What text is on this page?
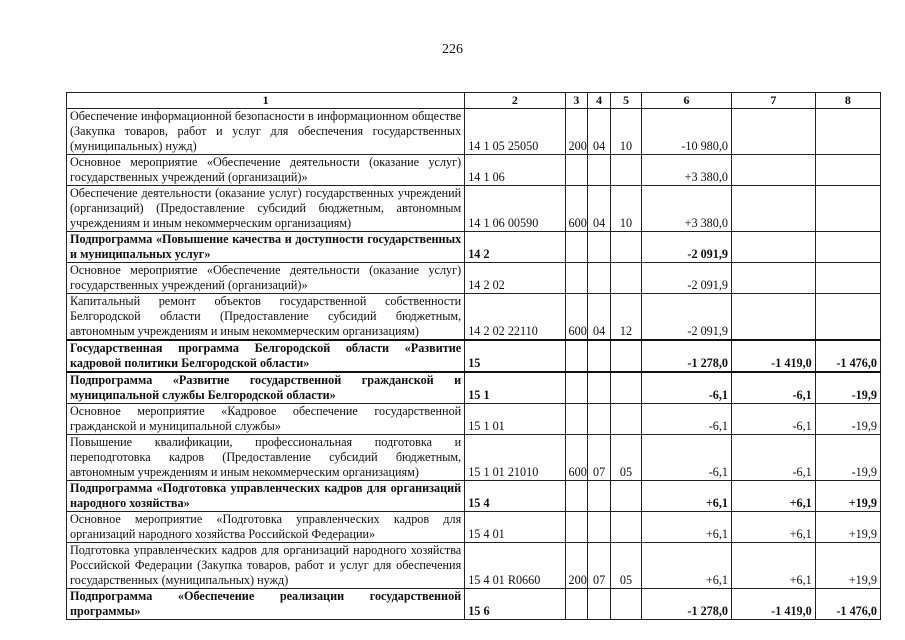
226
1	2	3	4	5	6	7	8
Обеспечение информационной безопасности в информационном обществе (Закупка товаров, работ и услуг для обеспечения государственных (муниципальных) нужд)	14 1 05 25050	200	04	10	-10 980,0		
Основное мероприятие «Обеспечение деятельности (оказание услуг) государственных учреждений (организаций)»	14 1 06				+3 380,0		
Обеспечение деятельности (оказание услуг) государственных учреждений (организаций) (Предоставление субсидий бюджетным, автономным учреждениям и иным некоммерческим организациям)	14 1 06 00590	600	04	10	+3 380,0		
Подпрограмма «Повышение качества и доступности государственных и муниципальных услуг»	14 2				-2 091,9		
Основное мероприятие «Обеспечение деятельности (оказание услуг) государственных учреждений (организаций)»	14 2 02				-2 091,9		
Капитальный ремонт объектов государственной собственности Белгородской области (Предоставление субсидий бюджетным, автономным учреждениям и иным некоммерческим организациям)	14 2 02 22110	600	04	12	-2 091,9		
Государственная программа Белгородской области «Развитие кадровой политики Белгородской области»	15				-1 278,0	-1 419,0	-1 476,0
Подпрограмма «Развитие государственной гражданской и муниципальной службы Белгородской области»	15 1				-6,1	-6,1	-19,9
Основное мероприятие «Кадровое обеспечение государственной гражданской и муниципальной службы»	15 1 01				-6,1	-6,1	-19,9
Повышение квалификации, профессиональная подготовка и переподготовка кадров (Предоставление субсидий бюджетным, автономным учреждениям и иным некоммерческим организациям)	15 1 01 21010	600	07	05	-6,1	-6,1	-19,9
Подпрограмма «Подготовка управленческих кадров для организаций народного хозяйства»	15 4				+6,1	+6,1	+19,9
Основное мероприятие «Подготовка управленческих кадров для организаций народного хозяйства Российской Федерации»	15 4 01				+6,1	+6,1	+19,9
Подготовка управленческих кадров для организаций народного хозяйства Российской Федерации (Закупка товаров, работ и услуг для обеспечения государственных (муниципальных) нужд)	15 4 01 R0660	200	07	05	+6,1	+6,1	+19,9
Подпрограмма «Обеспечение реализации государственной программы»	15 6				-1 278,0	-1 419,0	-1 476,0
